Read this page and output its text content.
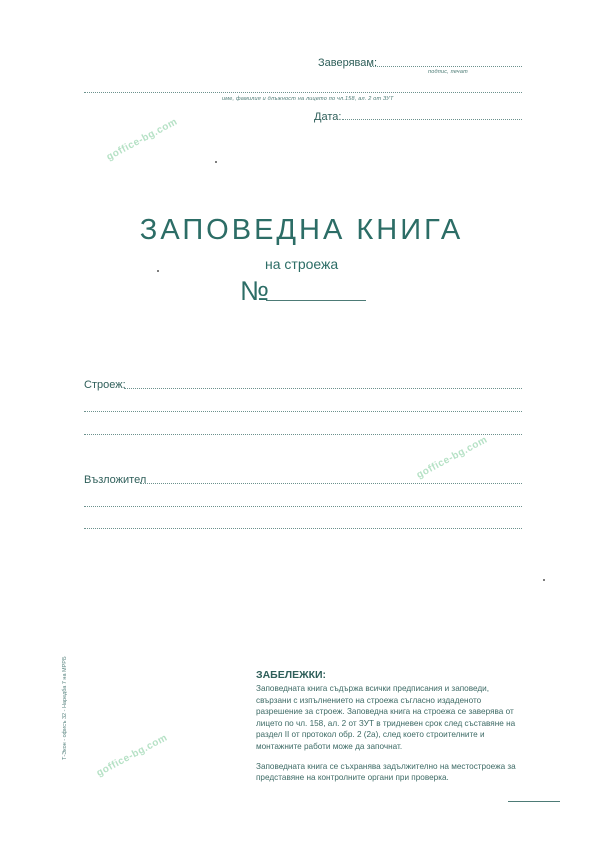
Заверявам:
подпис, печат
име, фамилия и длъжност на лицето по чл.158, ал. 2 от ЗУТ
Дата:
goffice-bg.com
goffice-bg.com
goffice-bg.com
ЗАПОВЕДНА КНИГА
на строежа
№
Строеж:
Възложител
Т-Экон - офисъ 32 - Наредба 7 на МРРБ	ЗАБЕЛЕЖКИ:

Заповедната книга съдържа всички предписания и заповеди, свързани с изпълнението на строежа съгласно издаденото разрешение за строеж. Заповедна книга на строежа се заверява от лицето по чл. 158, ал. 2 от ЗУТ в тридневен срок след съставяне на раздел II от протокол обр. 2 (2а), след което строителните и монтажните работи може да започнат.

Заповедната книга се съхранява задължително на местостроежа за представяне на контролните органи при проверка.
